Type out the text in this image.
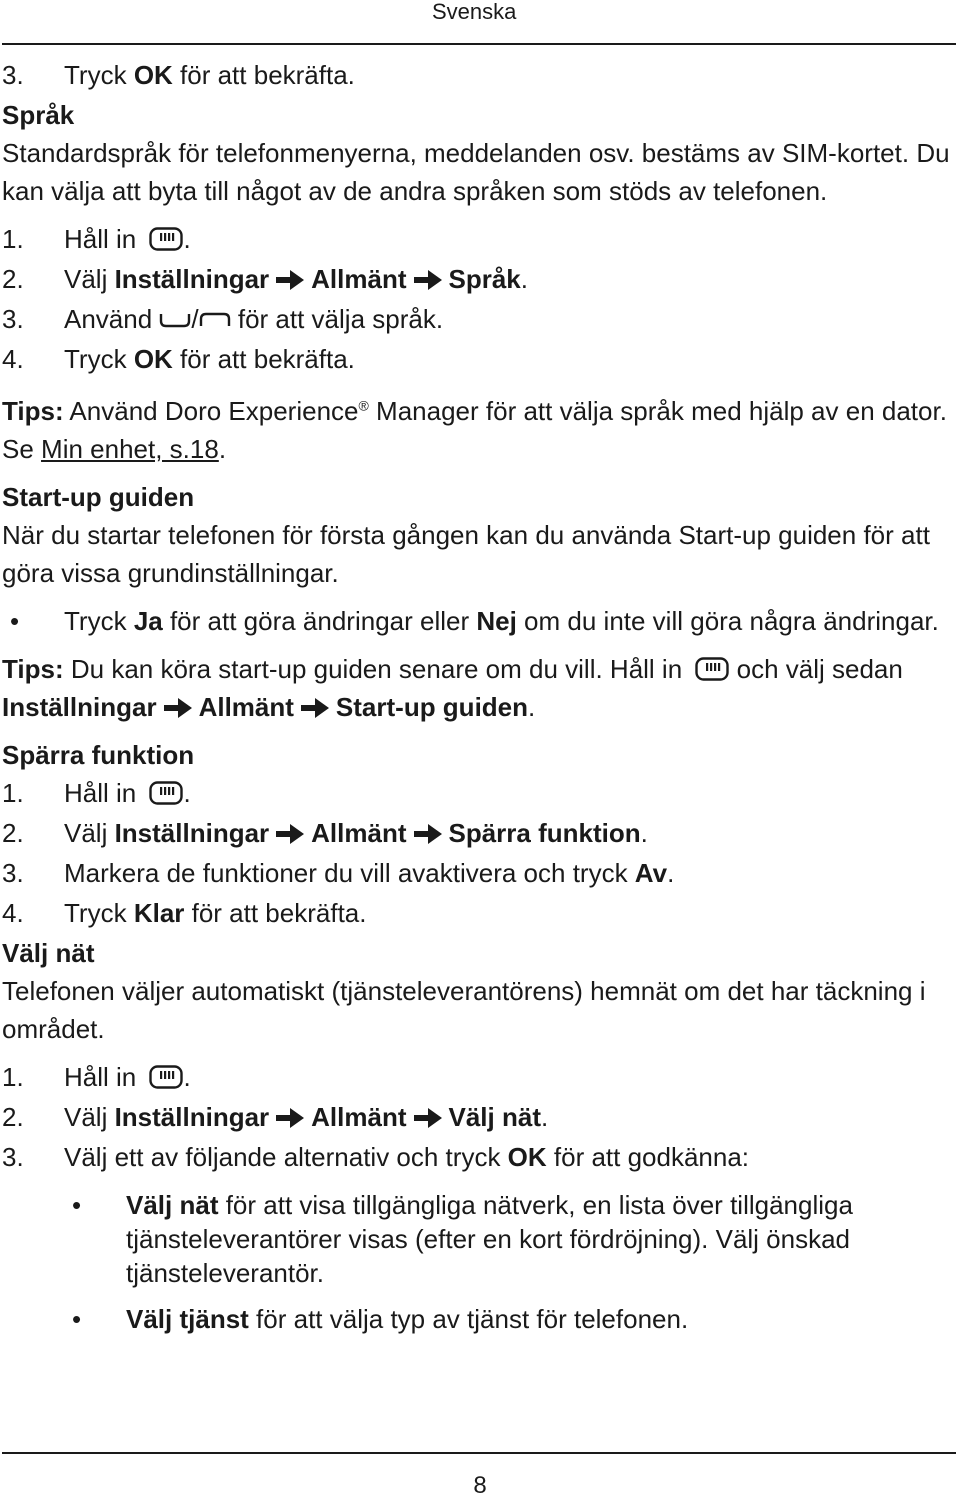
Svenska
3.	Tryck OK för att bekräfta.
Språk
Standardspråk för telefonmenyerna, meddelanden osv. bestäms av SIM-kortet. Du kan välja att byta till något av de andra språken som stöds av telefonen.
1.	Håll in .
2.	Välj Inställningar Allmänt Språk.
3.	Använd / för att välja språk.
4.	Tryck OK för att bekräfta.
Tips: Använd Doro Experience® Manager för att välja språk med hjälp av en dator. Se Min enhet, s.18.
Start-up guiden
När du startar telefonen för första gången kan du använda Start-up guiden för att göra vissa grundinställningar.
•	Tryck Ja för att göra ändringar eller Nej om du inte vill göra några ändringar.
Tips: Du kan köra start-up guiden senare om du vill. Håll in  och välj sedan Inställningar Allmänt Start-up guiden.
Spärra funktion
1.	Håll in .
2.	Välj Inställningar Allmänt Spärra funktion.
3.	Markera de funktioner du vill avaktivera och tryck Av.
4.	Tryck Klar för att bekräfta.
Välj nät
Telefonen väljer automatiskt (tjänsteleverantörens) hemnät om det har täckning i området.
1.	Håll in .
2.	Välj Inställningar Allmänt Välj nät.
3.	Välj ett av följande alternativ och tryck OK för att godkänna:
•	Välj nät för att visa tillgängliga nätverk, en lista över tillgängliga tjänsteleverantörer visas (efter en kort fördröjning). Välj önskad tjänsteleverantör.
•	Välj tjänst för att välja typ av tjänst för telefonen.
8
